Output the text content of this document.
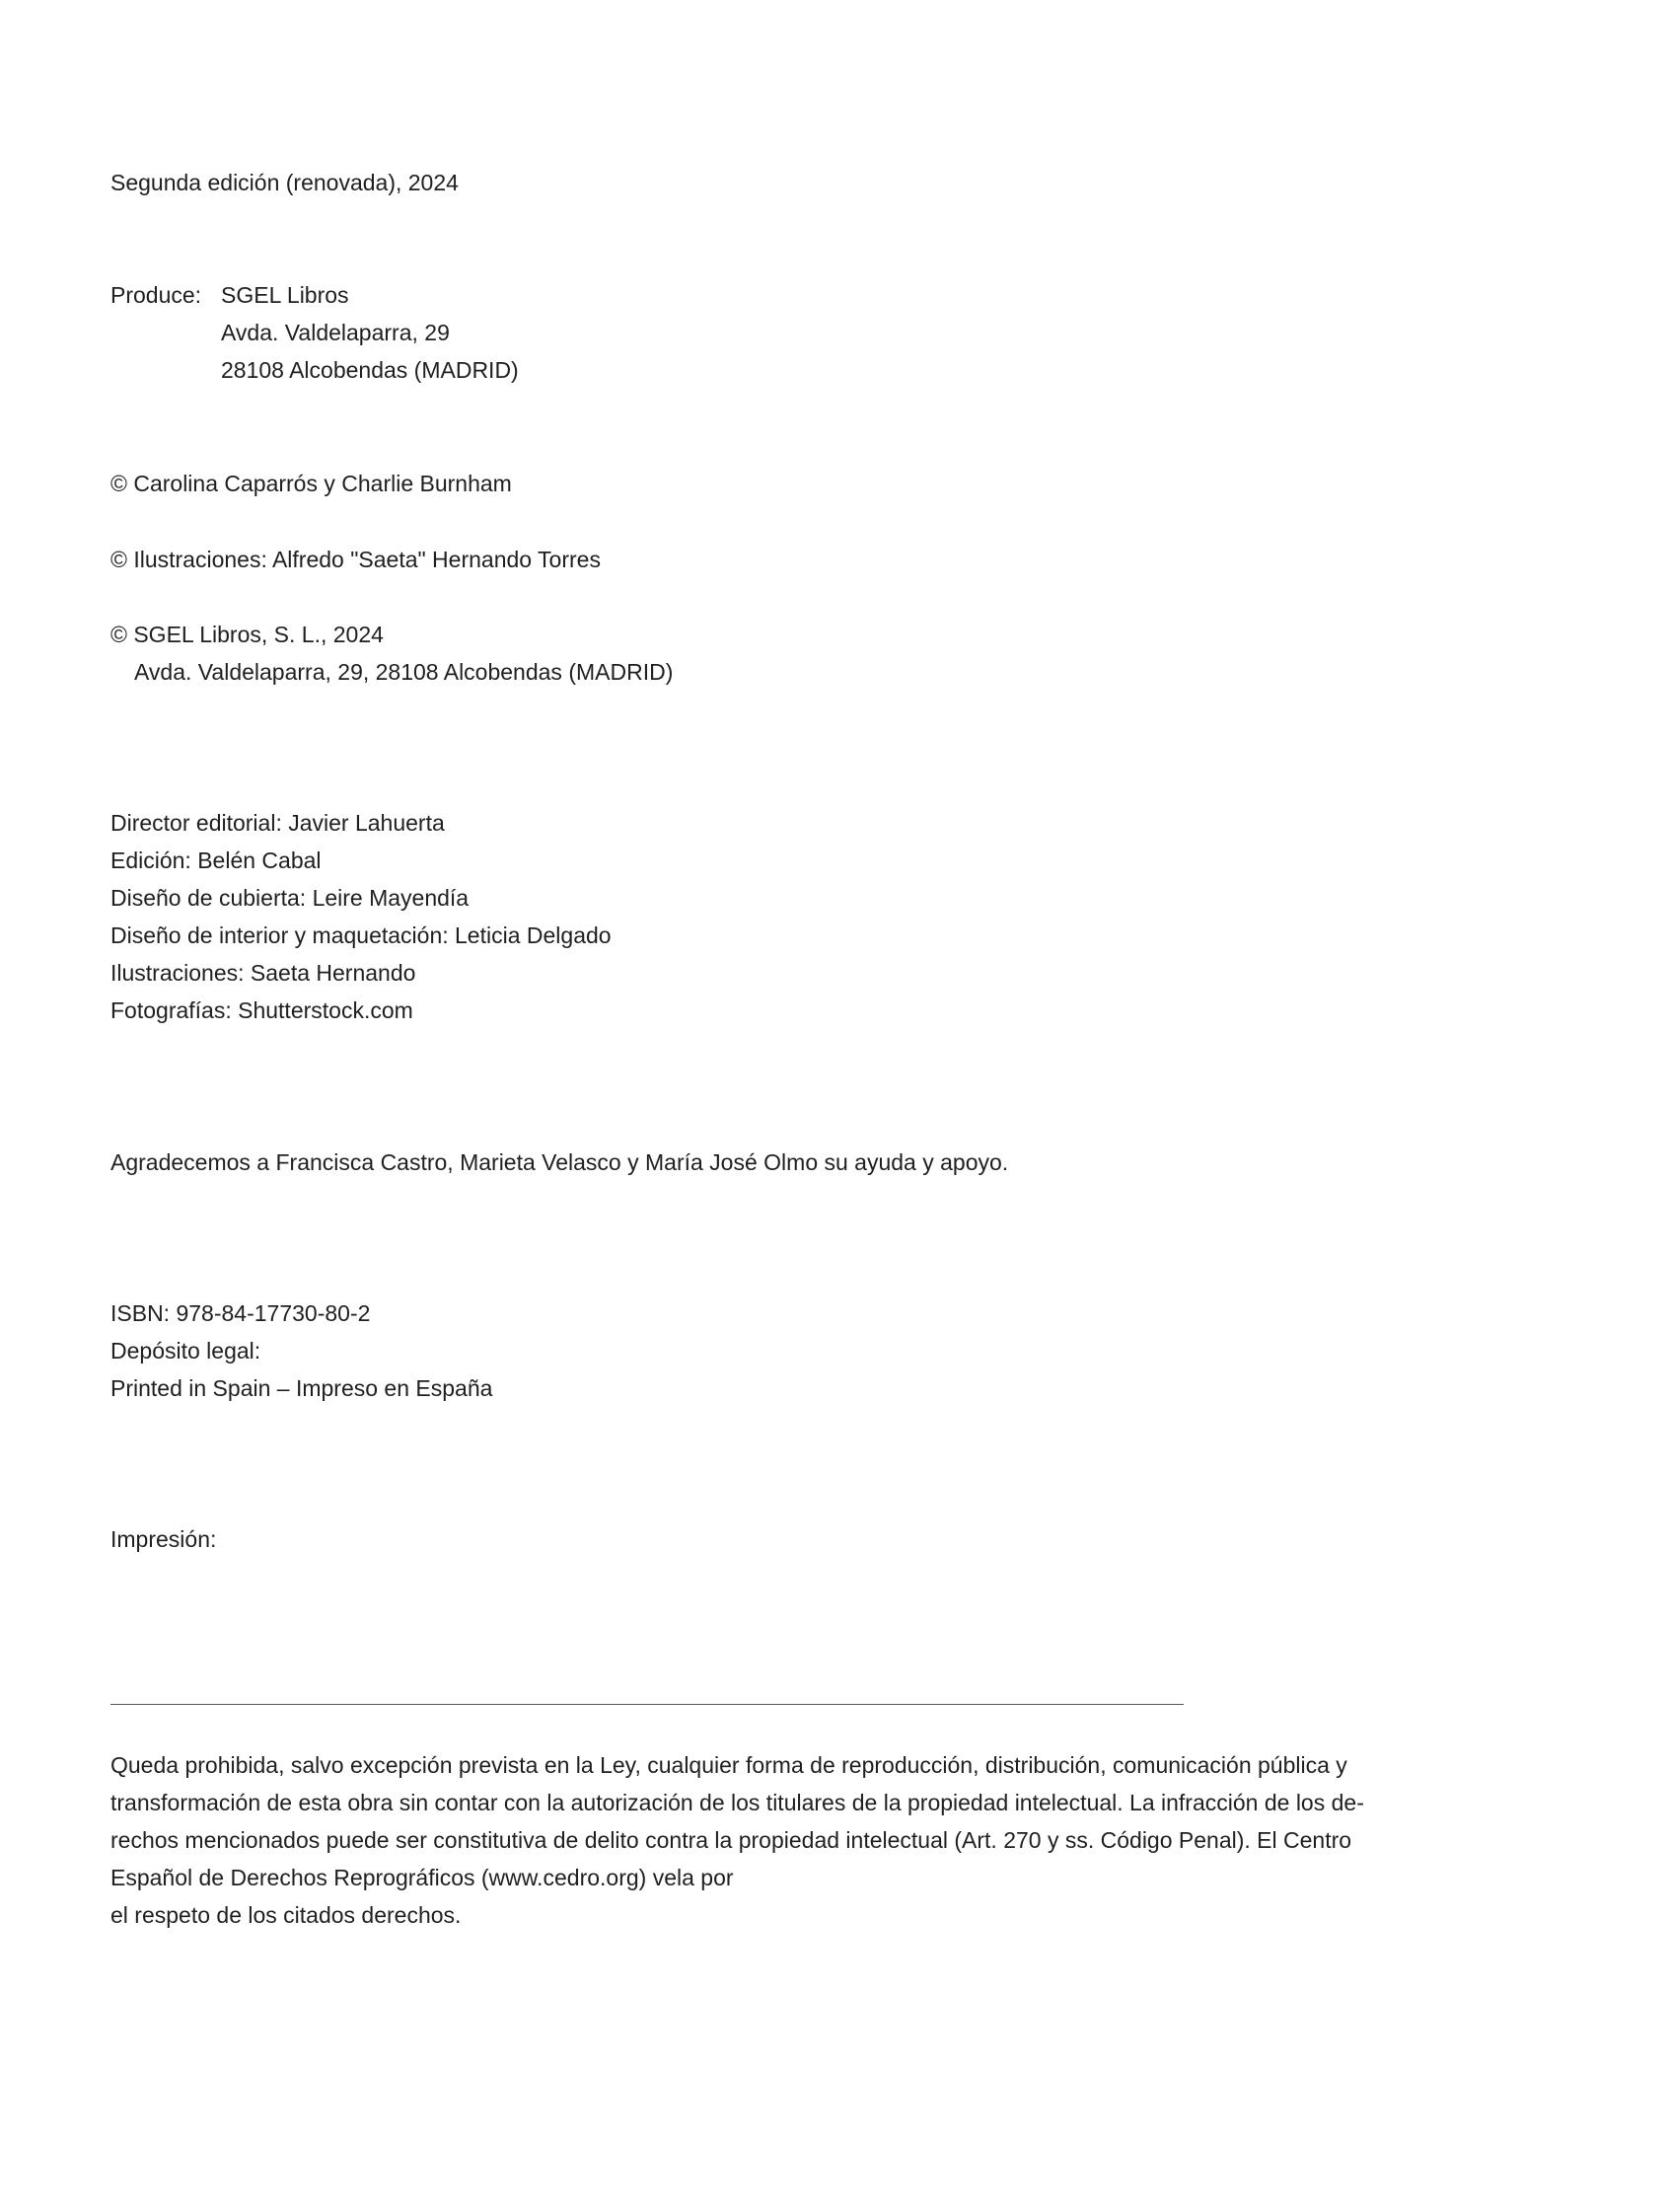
Segunda edición (renovada), 2024
Produce: SGEL Libros
Avda. Valdelaparra, 29
28108 Alcobendas (MADRID)
© Carolina Caparrós y Charlie Burnham
© Ilustraciones: Alfredo "Saeta" Hernando Torres
© SGEL Libros, S. L., 2024
Avda. Valdelaparra, 29, 28108 Alcobendas (MADRID)
Director editorial: Javier Lahuerta
Edición: Belén Cabal
Diseño de cubierta: Leire Mayendía
Diseño de interior y maquetación: Leticia Delgado
Ilustraciones: Saeta Hernando
Fotografías: Shutterstock.com
Agradecemos a Francisca Castro, Marieta Velasco y María José Olmo su ayuda y apoyo.
ISBN: 978-84-17730-80-2
Depósito legal:
Printed in Spain – Impreso en España
Impresión:
Queda prohibida, salvo excepción prevista en la Ley, cualquier forma de reproducción, distribución, comunicación pública y
transformación de esta obra sin contar con la autorización de los titulares de la propiedad intelectual. La infracción de los de-
rechos mencionados puede ser constitutiva de delito contra la propiedad intelectual (Art. 270 y ss. Código Penal). El Centro
Español de Derechos Reprográficos (www.cedro.org) vela por
el respeto de los citados derechos.
